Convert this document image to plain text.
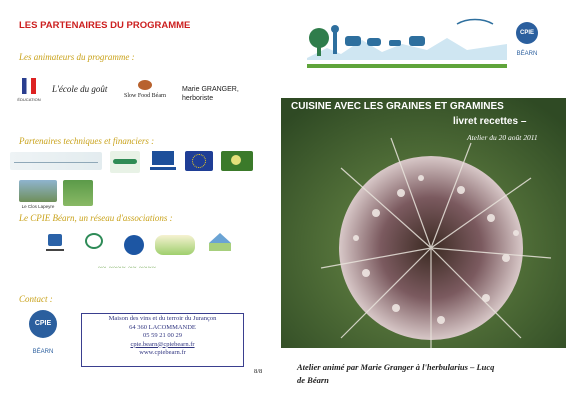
LES PARTENAIRES DU PROGRAMME
Les animateurs du programme :
ÉDUCATION
L'école du goût
Slow Food Béarn
Marie GRANGER,
herboriste
Partenaires techniques et financiers :
Le Clos Lapeyre
Le CPIE Béarn, un réseau d'associations :
~~ ~~~~ ~~ ~~~~
Contact :
CPIE
BÉARN
Maison des vins et du terroir du Jurançon
64 360 LACOMMANDE
05 59 21 00 29
cpie.bearn@cpiebearn.fr
www.cpiebearn.fr
8/8
CPIE
BÉARN
CUISINE AVEC LES GRAINES ET GRAMINES
livret recettes –
Atelier du 20 août 2011
Atelier animé par Marie Granger à l'herbularius – Lucq
de Béarn
